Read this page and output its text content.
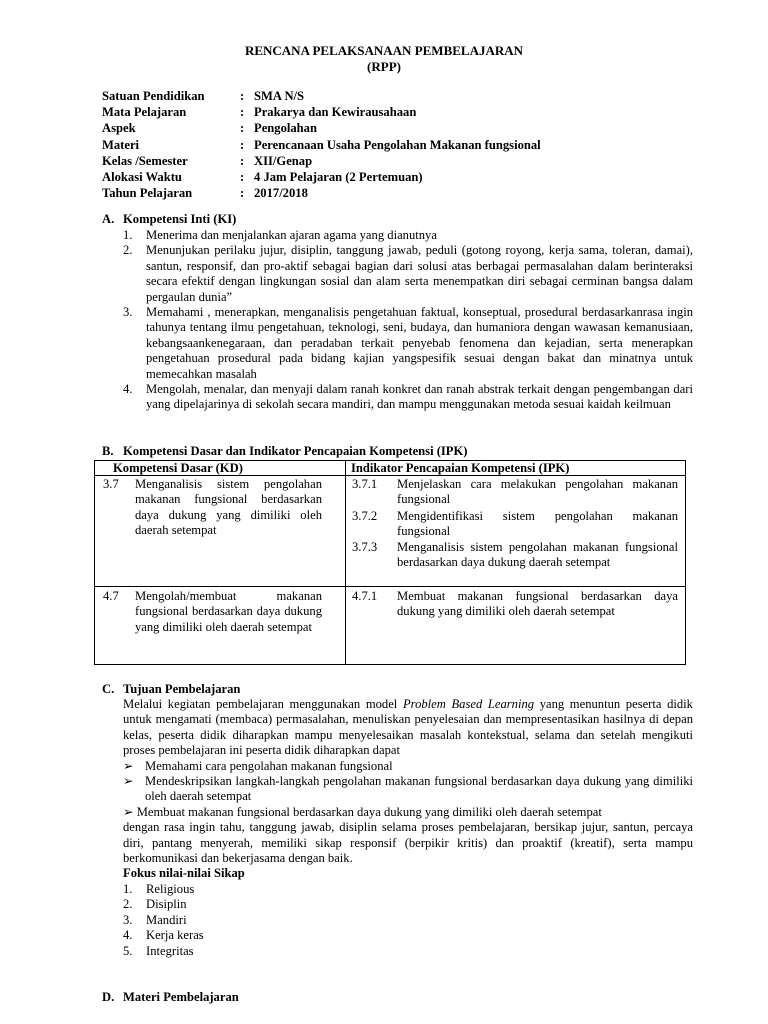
RENCANA PELAKSANAAN PEMBELAJARAN
(RPP)
Satuan Pendidikan	: SMA N/S
Mata Pelajaran	: Prakarya dan Kewirausahaan
Aspek	: Pengolahan
Materi	: Perencanaan Usaha Pengolahan Makanan fungsional
Kelas /Semester	: XII/Genap
Alokasi Waktu	: 4 Jam Pelajaran (2 Pertemuan)
Tahun Pelajaran	: 2017/2018
A. Kompetensi Inti (KI)
1.	Menerima dan menjalankan ajaran agama yang dianutnya
2.	Menunjukan perilaku jujur, disiplin, tanggung jawab, peduli (gotong royong, kerja sama, toleran, damai), santun, responsif, dan pro-aktif sebagai bagian dari solusi atas berbagai permasalahan dalam berinteraksi secara efektif dengan lingkungan sosial dan alam serta menempatkan diri sebagai cerminan bangsa dalam pergaulan dunia”
3.	Memahami , menerapkan, menganalisis pengetahuan faktual, konseptual, prosedural berdasarkanrasa ingin tahunya tentang ilmu pengetahuan, teknologi, seni, budaya, dan humaniora dengan wawasan kemanusiaan, kebangsaankenegaraan, dan peradaban terkait penyebab fenomena dan kejadian, serta menerapkan pengetahuan prosedural pada bidang kajian yangspesifik sesuai dengan bakat dan minatnya untuk memecahkan masalah
4.	Mengolah, menalar, dan menyaji dalam ranah konkret dan ranah abstrak terkait dengan pengembangan dari yang dipelajarinya di sekolah secara mandiri, dan mampu menggunakan metoda sesuai kaidah keilmuan
B. Kompetensi Dasar dan Indikator Pencapaian Kompetensi (IPK)
Kompetensi Dasar (KD)	Indikator Pencapaian Kompetensi (IPK)
3.7	Menganalisis sistem pengolahan makanan fungsional berdasarkan daya dukung yang dimiliki oleh daerah setempat
3.7.1	Menjelaskan cara melakukan pengolahan makanan fungsional
3.7.2	Mengidentifikasi sistem pengolahan makanan fungsional
3.7.3	Menganalisis sistem pengolahan makanan fungsional berdasarkan daya dukung daerah setempat
4.7	Mengolah/membuat makanan fungsional berdasarkan daya dukung yang dimiliki oleh daerah setempat
4.7.1	Membuat makanan fungsional berdasarkan daya dukung yang dimiliki oleh daerah setempat
C. Tujuan Pembelajaran
Melalui kegiatan pembelajaran menggunakan model Problem Based Learning yang menuntun peserta didik untuk mengamati (membaca) permasalahan, menuliskan penyelesaian dan mempresentasikan hasilnya di depan kelas, peserta didik diharapkan mampu menyelesaikan masalah kontekstual, selama dan setelah mengikuti proses pembelajaran ini peserta didik diharapkan dapat
➢ Memahami cara pengolahan makanan fungsional
➢ Mendeskripsikan langkah-langkah pengolahan makanan fungsional berdasarkan daya dukung yang dimiliki oleh daerah setempat
➢ Membuat makanan fungsional berdasarkan daya dukung yang dimiliki oleh daerah setempat
dengan rasa ingin tahu, tanggung jawab, disiplin selama proses pembelajaran, bersikap jujur, santun, percaya diri, pantang menyerah, memiliki sikap responsif (berpikir kritis) dan proaktif (kreatif), serta mampu berkomunikasi dan bekerjasama dengan baik.
Fokus nilai-nilai Sikap
1.	Religious
2.	Disiplin
3.	Mandiri
4.	Kerja keras
5.	Integritas
D. Materi Pembelajaran
